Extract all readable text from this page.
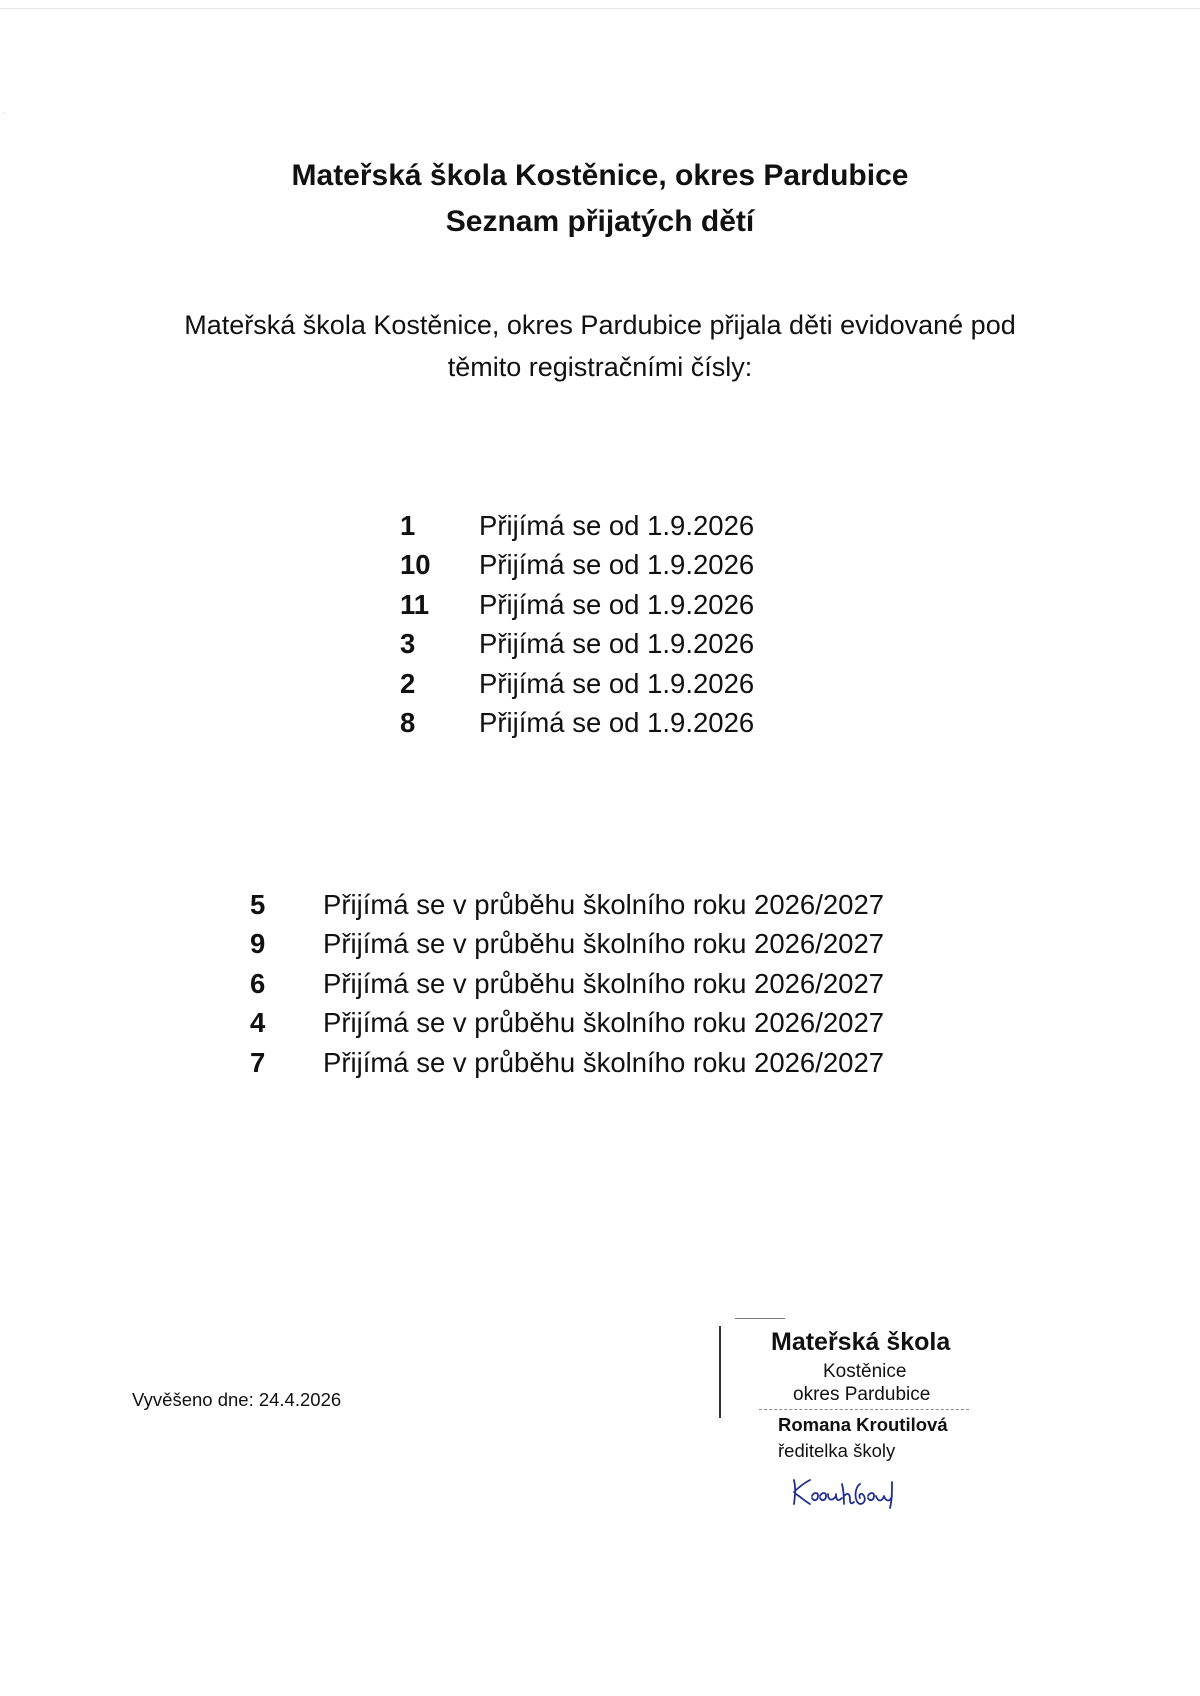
·
Mateřská škola Kostěnice, okres Pardubice
Seznam přijatých dětí
Mateřská škola Kostěnice, okres Pardubice přijala děti evidované pod
těmito registračními čísly:
1 Přijímá se od 1.9.2026
10 Přijímá se od 1.9.2026
11 Přijímá se od 1.9.2026
3 Přijímá se od 1.9.2026
2 Přijímá se od 1.9.2026
8 Přijímá se od 1.9.2026
5 Přijímá se v průběhu školního roku 2026/2027
9 Přijímá se v průběhu školního roku 2026/2027
6 Přijímá se v průběhu školního roku 2026/2027
4 Přijímá se v průběhu školního roku 2026/2027
7 Přijímá se v průběhu školního roku 2026/2027
Vyvěšeno dne: 24.4.2026
Mateřská škola
Kostěnice
okres Pardubice
Romana Kroutilová
ředitelka školy
